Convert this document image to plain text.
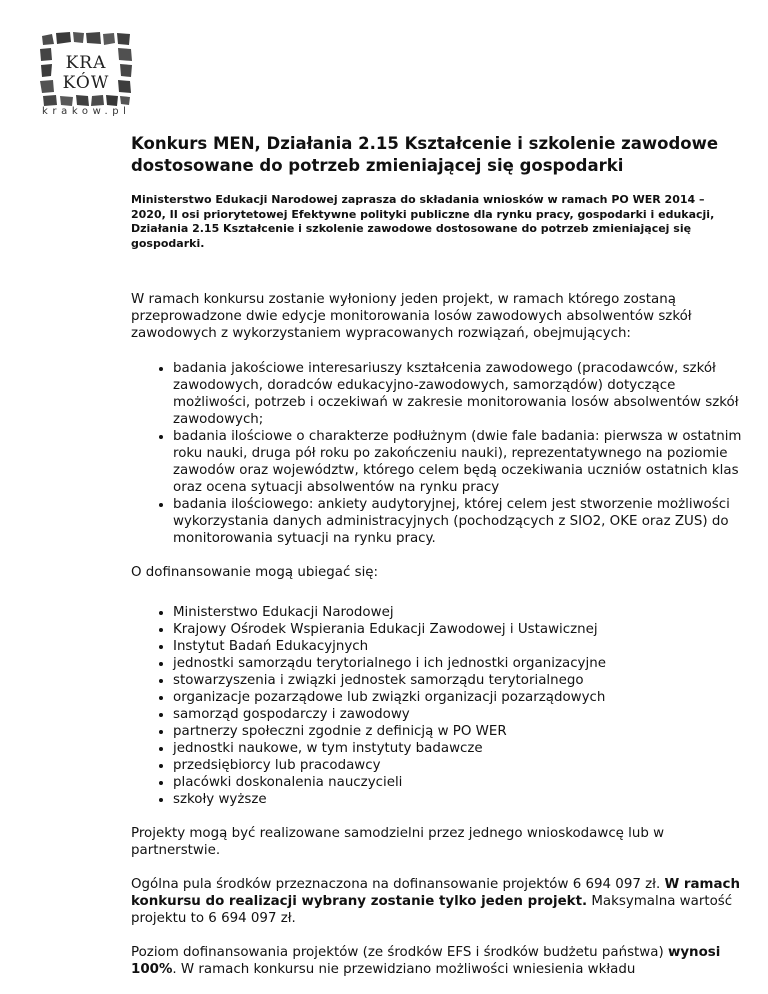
KRA
KÓW
krakow.pl
Konkurs MEN, Działania 2.15 Kształcenie i szkolenie zawodowe dostosowane do potrzeb zmieniającej się gospodarki

Ministerstwo Edukacji Narodowej zaprasza do składania wniosków w ramach PO WER 2014 – 2020, II osi priorytetowej Efektywne polityki publiczne dla rynku pracy, gospodarki i edukacji, Działania 2.15 Kształcenie i szkolenie zawodowe dostosowane do potrzeb zmieniającej się gospodarki.

W ramach konkursu zostanie wyłoniony jeden projekt, w ramach którego zostaną przeprowadzone dwie edycje monitorowania losów zawodowych absolwentów szkół zawodowych z wykorzystaniem wypracowanych rozwiązań, obejmujących:

• badania jakościowe interesariuszy kształcenia zawodowego (pracodawców, szkół zawodowych, doradców edukacyjno-zawodowych, samorządów) dotyczące możliwości, potrzeb i oczekiwań w zakresie monitorowania losów absolwentów szkół zawodowych;
• badania ilościowe o charakterze podłużnym (dwie fale badania: pierwsza w ostatnim roku nauki, druga pół roku po zakończeniu nauki), reprezentatywnego na poziomie zawodów oraz województw, którego celem będą oczekiwania uczniów ostatnich klas oraz ocena sytuacji absolwentów na rynku pracy
• badania ilościowego: ankiety audytoryjnej, której celem jest stworzenie możliwości wykorzystania danych administracyjnych (pochodzących z SIO2, OKE oraz ZUS) do monitorowania sytuacji na rynku pracy.

O dofinansowanie mogą ubiegać się:

• Ministerstwo Edukacji Narodowej
• Krajowy Ośrodek Wspierania Edukacji Zawodowej i Ustawicznej
• Instytut Badań Edukacyjnych
• jednostki samorządu terytorialnego i ich jednostki organizacyjne
• stowarzyszenia i związki jednostek samorządu terytorialnego
• organizacje pozarządowe lub związki organizacji pozarządowych
• samorząd gospodarczy i zawodowy
• partnerzy społeczni zgodnie z definicją w PO WER
• jednostki naukowe, w tym instytuty badawcze
• przedsiębiorcy lub pracodawcy
• placówki doskonalenia nauczycieli
• szkoły wyższe

Projekty mogą być realizowane samodzielni przez jednego wnioskodawcę lub w partnerstwie.

Ogólna pula środków przeznaczona na dofinansowanie projektów 6 694 097 zł. W ramach konkursu do realizacji wybrany zostanie tylko jeden projekt. Maksymalna wartość projektu to 6 694 097 zł.

Poziom dofinansowania projektów (ze środków EFS i środków budżetu państwa) wynosi 100%. W ramach konkursu nie przewidziano możliwości wniesienia wkładu
